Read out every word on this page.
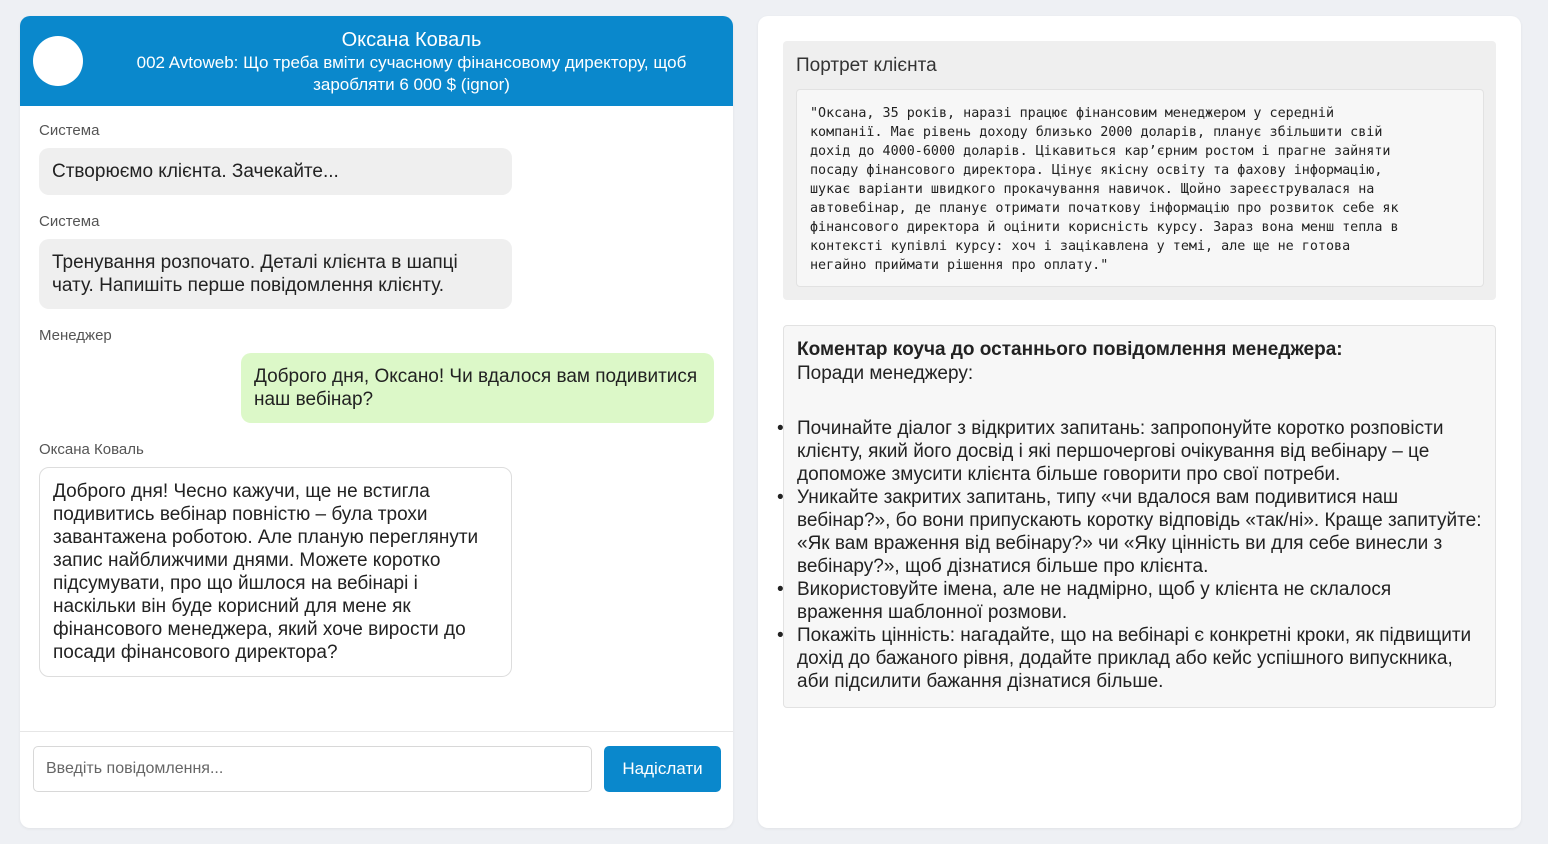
Оксана Коваль
002 Avtoweb: Що треба вміти сучасному фінансовому директору, щоб заробляти 6 000 $ (ignor)
Система
Створюємо клієнта. Зачекайте...
Система
Тренування розпочато. Деталі клієнта в шапці чату. Напишіть перше повідомлення клієнту.
Менеджер
Доброго дня, Оксано! Чи вдалося вам подивитися наш вебінар?
Оксана Коваль
Доброго дня! Чесно кажучи, ще не встигла подивитись вебінар повністю – була трохи завантажена роботою. Але планую переглянути запис найближчими днями. Можете коротко підсумувати, про що йшлося на вебінарі і наскільки він буде корисний для мене як фінансового менеджера, який хоче вирости до посади фінансового директора?
Введіть повідомлення...
Надіслати
Портрет клієнта
"Оксана, 35 років, наразі працює фінансовим менеджером у середній
компанії. Має рівень доходу близько 2000 доларів, планує збільшити свій
дохід до 4000-6000 доларів. Цікавиться кар’єрним ростом і прагне зайняти
посаду фінансового директора. Цінує якісну освіту та фахову інформацію,
шукає варіанти швидкого прокачування навичок. Щойно зареєструвалася на
автовебінар, де планує отримати початкову інформацію про розвиток себе як
фінансового директора й оцінити корисність курсу. Зараз вона менш тепла в
контексті купівлі курсу: хоч і зацікавлена у темі, але ще не готова
негайно приймати рішення про оплату."
Коментар коуча до останнього повідомлення менеджера:
Поради менеджеру:
• Починайте діалог з відкритих запитань: запропонуйте коротко розповісти клієнту, який його досвід і які першочергові очікування від вебінару – це допоможе змусити клієнта більше говорити про свої потреби.
• Уникайте закритих запитань, типу «чи вдалося вам подивитися наш вебінар?», бо вони припускають коротку відповідь «так/ні». Краще запитуйте: «Як вам враження від вебінару?» чи «Яку цінність ви для себе винесли з вебінару?», щоб дізнатися більше про клієнта.
• Використовуйте імена, але не надмірно, щоб у клієнта не склалося враження шаблонної розмови.
• Покажіть цінність: нагадайте, що на вебінарі є конкретні кроки, як підвищити дохід до бажаного рівня, додайте приклад або кейс успішного випускника, аби підсилити бажання дізнатися більше.
